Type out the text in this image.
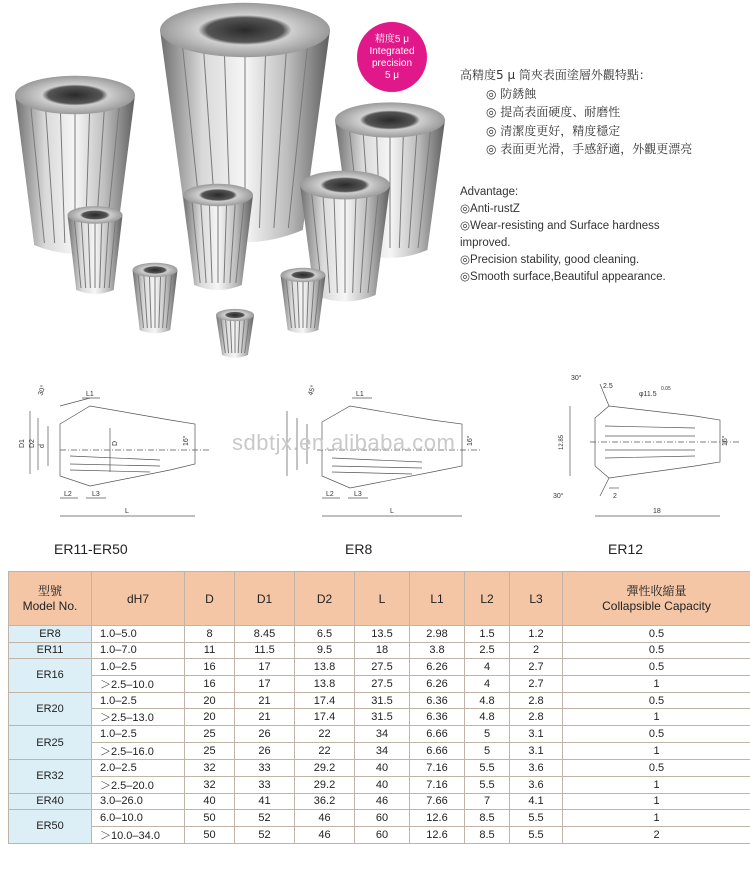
精度5 μ
Integrated
precision
5 μ	高精度5 μ 筒夾表面塗層外觀特點：
◎ 防銹蝕
◎ 提高表面硬度、耐磨性
◎ 清潔度更好，精度穩定
◎ 表面更光滑，手感舒適，外觀更漂亮
Advantage:
◎Anti-rustZ
◎Wear-resisting and Surface hardness
improved.
◎Precision stability, good cleaning.
◎Smooth surface,Beautiful appearance.
30°
16°
D1 D2 d
D
L1
L2	L3
L
45°
16°
L1
L2	L3
L
30°
30°
16°
2.5
φ11.5
0.05
2
18
12.85
sdbtjx.en.alibaba.com
ER11-ER50	ER8	ER12
型號
Model No.	dH7	D	D1	D2	L	L1	L2	L3	彈性收縮量
Collapsible Capacity
ER8	1.0–5.0	8	8.45	6.5	13.5	2.98	1.5	1.2	0.5
ER11	1.0–7.0	11	11.5	9.5	18	3.8	2.5	2	0.5
ER16	1.0–2.5	16	17	13.8	27.5	6.26	4	2.7	0.5
	＞2.5–10.0	16	17	13.8	27.5	6.26	4	2.7	1
ER20	1.0–2.5	20	21	17.4	31.5	6.36	4.8	2.8	0.5
	＞2.5–13.0	20	21	17.4	31.5	6.36	4.8	2.8	1
ER25	1.0–2.5	25	26	22	34	6.66	5	3.1	0.5
	＞2.5–16.0	25	26	22	34	6.66	5	3.1	1
ER32	2.0–2.5	32	33	29.2	40	7.16	5.5	3.6	0.5
	＞2.5–20.0	32	33	29.2	40	7.16	5.5	3.6	1
ER40	3.0–26.0	40	41	36.2	46	7.66	7	4.1	1
ER50	6.0–10.0	50	52	46	60	12.6	8.5	5.5	1
	＞10.0–34.0	50	52	46	60	12.6	8.5	5.5	2
